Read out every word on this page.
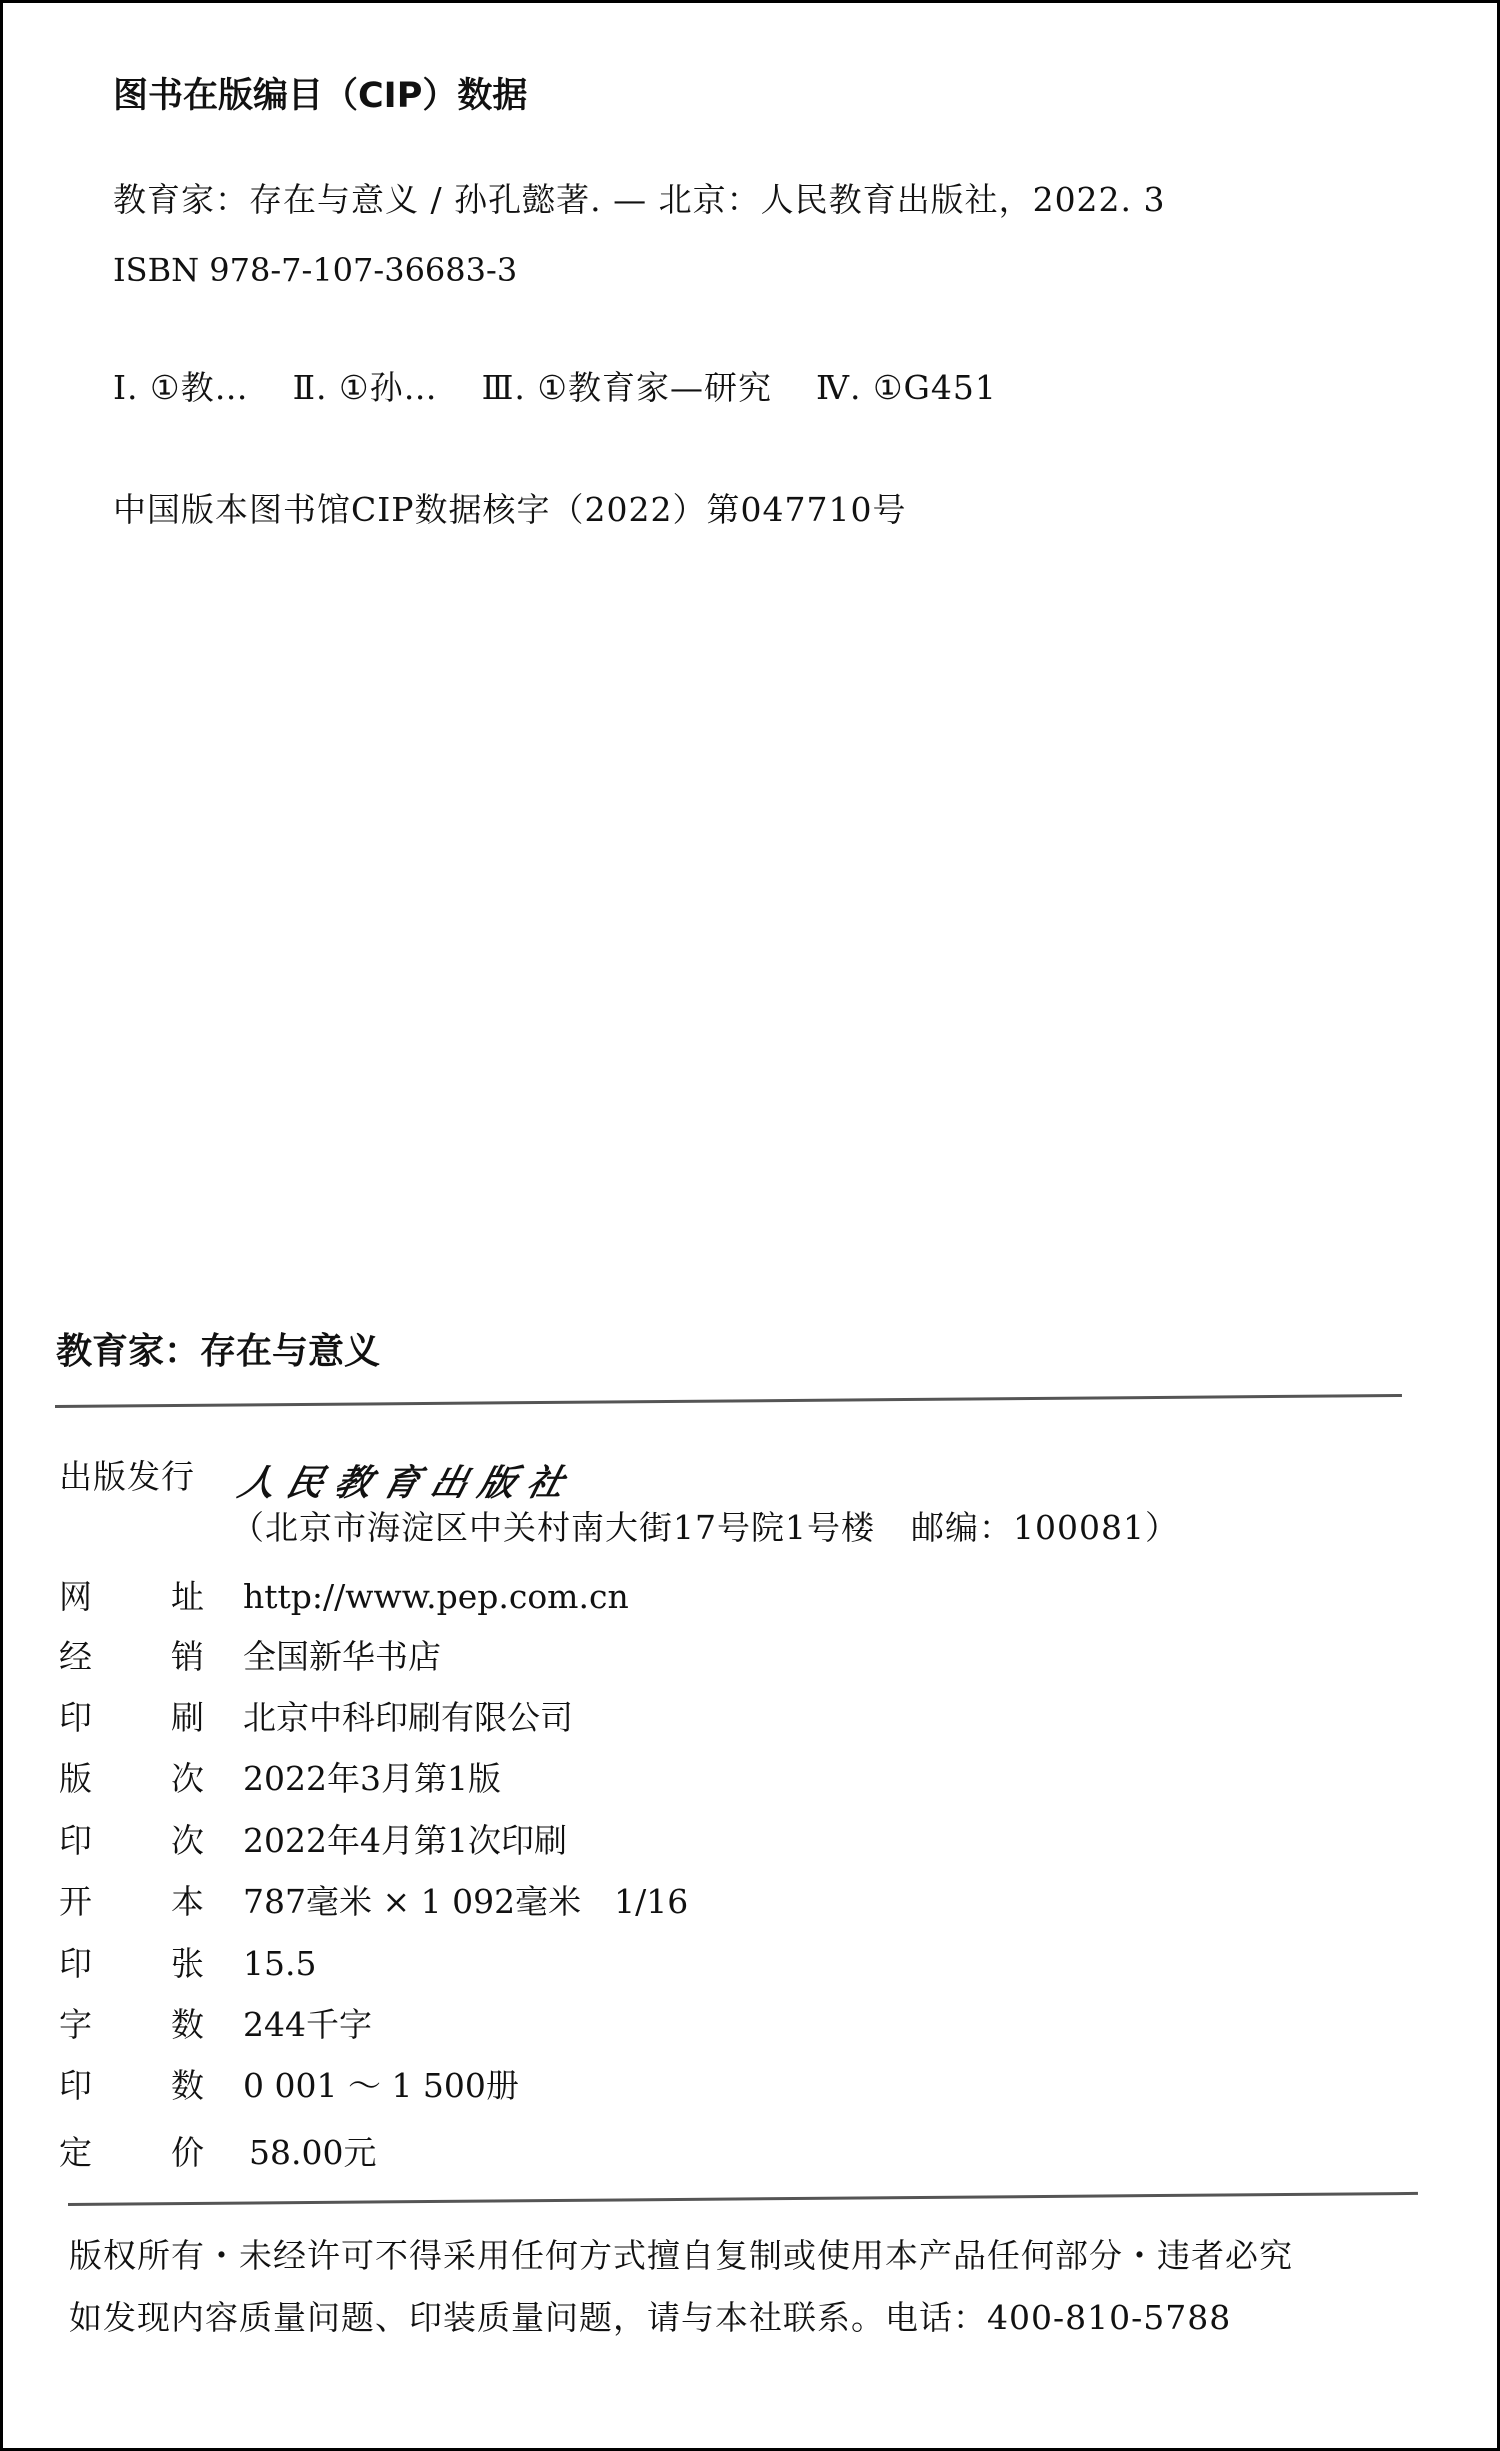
图书在版编目（CIP）数据
教育家：存在与意义 / 孙孔懿著. — 北京：人民教育出版社，2022. 3
ISBN 978-7-107-36683-3
Ⅰ. ①教… Ⅱ. ①孙… Ⅲ. ①教育家—研究 Ⅳ. ①G451
中国版本图书馆CIP数据核字（2022）第047710号
教育家：存在与意义
出版发行 人民教育出版社
（北京市海淀区中关村南大街17号院1号楼 邮编：100081）
网 址 http://www.pep.com.cn
经 销 全国新华书店
印 刷 北京中科印刷有限公司
版 次 2022年3月第1版
印 次 2022年4月第1次印刷
开 本 787毫米 × 1 092毫米　1/16
印 张 15.5
字 数 244千字
印 数 0 001 ～ 1 500册
定 价 58.00元
版权所有・未经许可不得采用任何方式擅自复制或使用本产品任何部分・违者必究
如发现内容质量问题、印装质量问题，请与本社联系。电话：400-810-5788
